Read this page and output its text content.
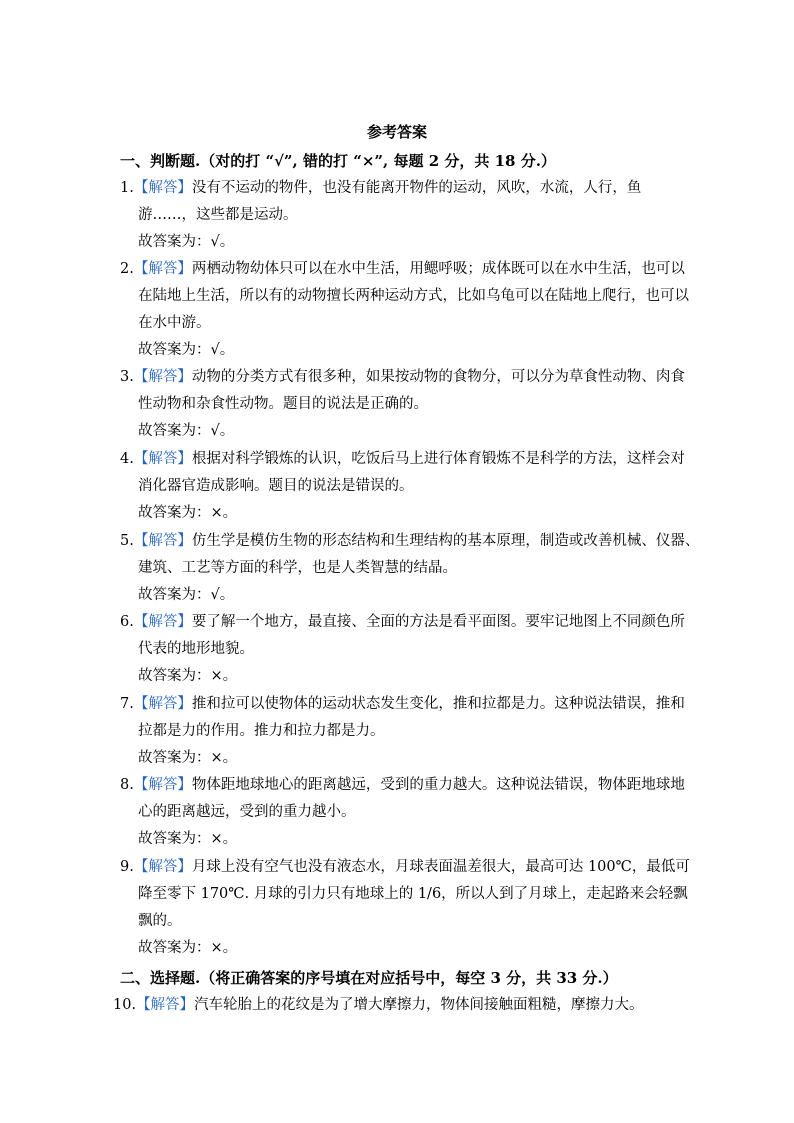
参考答案
一、判断题.（对的打 “√”, 错的打 “×”, 每题 2 分，共 18 分.）
1.【解答】没有不运动的物件，也没有能离开物件的运动，风吹，水流，人行，鱼
游……，这些都是运动。
故答案为：√。
2.【解答】两栖动物幼体只可以在水中生活，用鳃呼吸；成体既可以在水中生活，也可以
在陆地上生活，所以有的动物擅长两种运动方式，比如乌龟可以在陆地上爬行，也可以
在水中游。
故答案为：√。
3.【解答】动物的分类方式有很多种，如果按动物的食物分，可以分为草食性动物、肉食
性动物和杂食性动物。题目的说法是正确的。
故答案为：√。
4.【解答】根据对科学锻炼的认识，吃饭后马上进行体育锻炼不是科学的方法，这样会对
消化器官造成影响。题目的说法是错误的。
故答案为：×。
5.【解答】仿生学是模仿生物的形态结构和生理结构的基本原理，制造或改善机械、仪器、
建筑、工艺等方面的科学，也是人类智慧的结晶。
故答案为：√。
6.【解答】要了解一个地方，最直接、全面的方法是看平面图。要牢记地图上不同颜色所
代表的地形地貌。
故答案为：×。
7.【解答】推和拉可以使物体的运动状态发生变化，推和拉都是力。这种说法错误，推和
拉都是力的作用。推力和拉力都是力。
故答案为：×。
8.【解答】物体距地球地心的距离越远，受到的重力越大。这种说法错误，物体距地球地
心的距离越远，受到的重力越小。
故答案为：×。
9.【解答】月球上没有空气也没有液态水，月球表面温差很大，最高可达 100℃，最低可
降至零下 170℃. 月球的引力只有地球上的 1/6，所以人到了月球上，走起路来会轻飘
飘的。
故答案为：×。
二、选择题.（将正确答案的序号填在对应括号中，每空 3 分，共 33 分.）
10.【解答】汽车轮胎上的花纹是为了增大摩擦力，物体间接触面粗糙，摩擦力大。
